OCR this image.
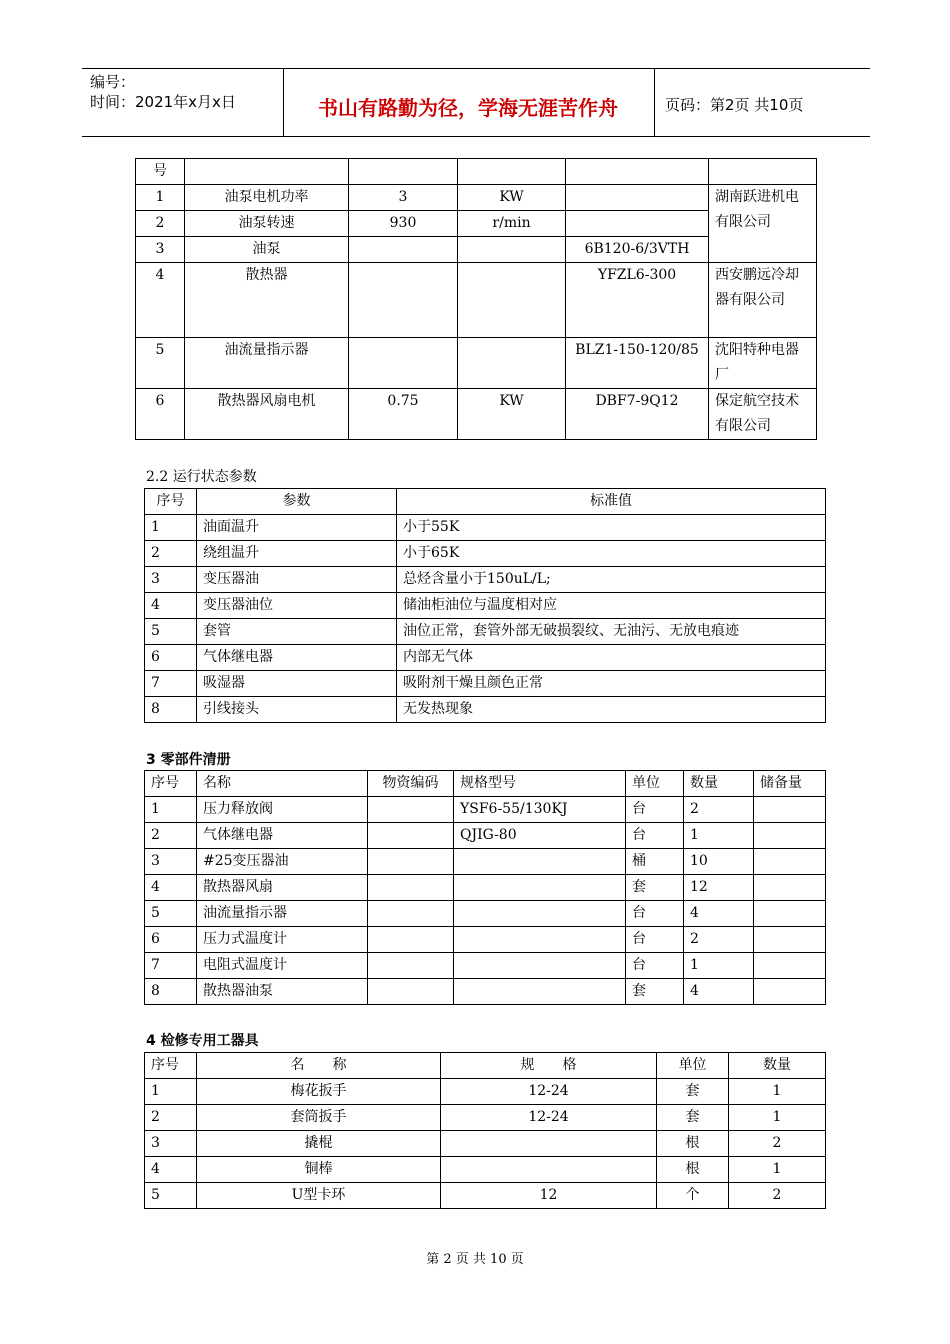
编号：
时间：2021年x月x日	书山有路勤为径，学海无涯苦作舟	页码：第2页 共10页
号					
1	油泵电机功率	3	KW		湖南跃进机电有限公司
2	油泵转速	930	r/min		
3	油泵			6B120-6/3VTH	
4	散热器			YFZL6-300	西安鹏远冷却器有限公司
5	油流量指示器			BLZ1-150-120/85	沈阳特种电器厂
6	散热器风扇电机	0.75	KW	DBF7-9Q12	保定航空技术有限公司
2.2 运行状态参数
序号	参数	标准值
1	油面温升	小于55K
2	绕组温升	小于65K
3	变压器油	总烃含量小于150uL/L;
4	变压器油位	储油柜油位与温度相对应
5	套管	油位正常，套管外部无破损裂纹、无油污、无放电痕迹
6	气体继电器	内部无气体
7	吸湿器	吸附剂干燥且颜色正常
8	引线接头	无发热现象
3 零部件清册
序号	名称	物资编码	规格型号	单位	数量	储备量
1	压力释放阀		YSF6-55/130KJ	台	2	
2	气体继电器		QJIG-80	台	1	
3	#25变压器油			桶	10	
4	散热器风扇			套	12	
5	油流量指示器			台	4	
6	压力式温度计			台	2	
7	电阻式温度计			台	1	
8	散热器油泵			套	4	
4 检修专用工器具
序号	名　　称	规　　格	单位	数量
1	梅花扳手	12-24	套	1
2	套筒扳手	12-24	套	1
3	撬棍		根	2
4	铜棒		根	1
5	U型卡环	12	个	2
第 2 页 共 10 页
